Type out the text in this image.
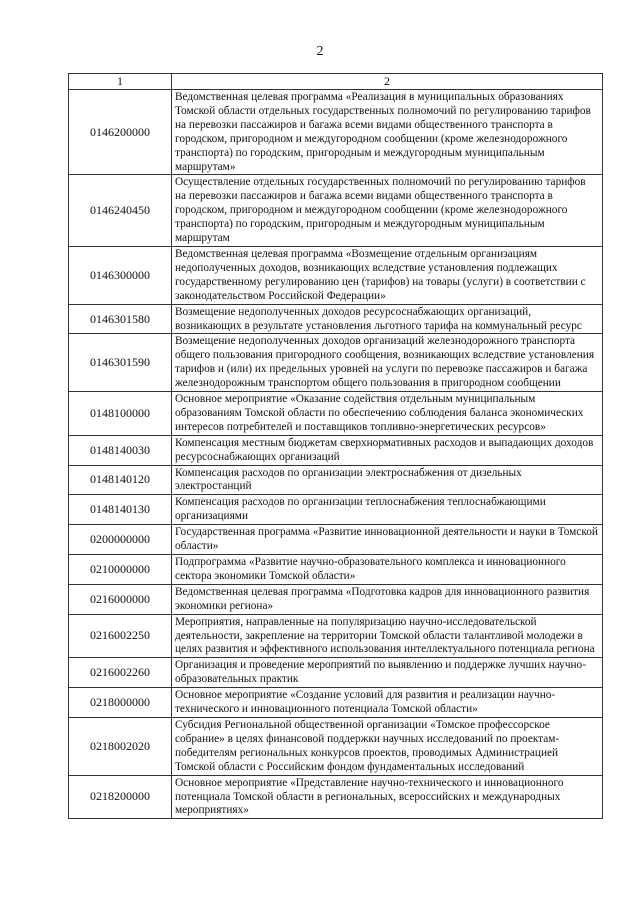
2
1	2
0146200000	Ведомственная целевая программа «Реализация в муниципальных образованиях Томской области отдельных государственных полномочий по регулированию тарифов на перевозки пассажиров и багажа всеми видами общественного транспорта в городском, пригородном и междугородном сообщении (кроме железнодорожного транспорта) по городским, пригородным и междугородным муниципальным маршрутам»
0146240450	Осуществление отдельных государственных полномочий по регулированию тарифов на перевозки пассажиров и багажа всеми видами общественного транспорта в городском, пригородном и междугородном сообщении (кроме железнодорожного транспорта) по городским, пригородным и междугородным муниципальным маршрутам
0146300000	Ведомственная целевая программа «Возмещение отдельным организациям недополученных доходов, возникающих вследствие установления подлежащих государственному регулированию цен (тарифов) на товары (услуги) в соответствии с законодательством Российской Федерации»
0146301580	Возмещение недополученных доходов ресурсоснабжающих организаций, возникающих в результате установления льготного тарифа на коммунальный ресурс
0146301590	Возмещение недополученных доходов организаций железнодорожного транспорта общего пользования пригородного сообщения, возникающих вследствие установления тарифов и (или) их предельных уровней на услуги по перевозке пассажиров и багажа железнодорожным транспортом общего пользования в пригородном сообщении
0148100000	Основное мероприятие «Оказание содействия отдельным муниципальным образованиям Томской области по обеспечению соблюдения баланса экономических интересов потребителей и поставщиков топливно-энергетических ресурсов»
0148140030	Компенсация местным бюджетам сверхнормативных расходов и выпадающих доходов ресурсоснабжающих организаций
0148140120	Компенсация расходов по организации электроснабжения от дизельных электростанций
0148140130	Компенсация расходов по организации теплоснабжения теплоснабжающими организациями
0200000000	Государственная программа «Развитие инновационной деятельности и науки в Томской области»
0210000000	Подпрограмма «Развитие научно-образовательного комплекса и инновационного сектора экономики Томской области»
0216000000	Ведомственная целевая программа «Подготовка кадров для инновационного развития экономики региона»
0216002250	Мероприятия, направленные на популяризацию научно-исследовательской деятельности, закрепление на территории Томской области талантливой молодежи в целях развития и эффективного использования интеллектуального потенциала региона
0216002260	Организация и проведение мероприятий по выявлению и поддержке лучших научно-образовательных практик
0218000000	Основное мероприятие «Создание условий для развития и реализации научно-технического и инновационного потенциала Томской области»
0218002020	Субсидия Региональной общественной организации «Томское профессорское собрание» в целях финансовой поддержки научных исследований по проектам-победителям региональных конкурсов проектов, проводимых Администрацией Томской области с Российским фондом фундаментальных исследований
0218200000	Основное мероприятие «Представление научно-технического и инновационного потенциала Томской области в региональных, всероссийских и международных мероприятиях»
